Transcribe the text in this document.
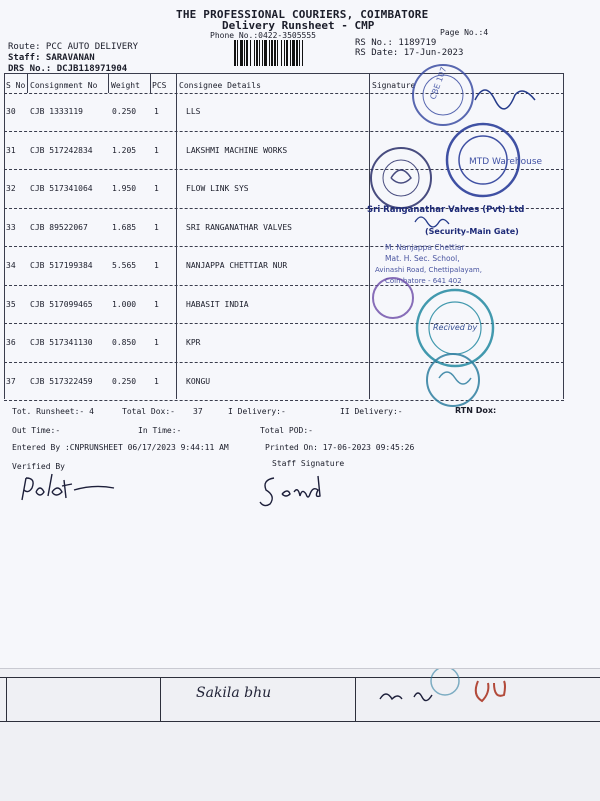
THE PROFESSIONAL COURIERS, COIMBATORE
Delivery Runsheet - CMP
Phone No.:0422-3505555	Page No.:4
Route: PCC AUTO DELIVERY
Staff: SARAVANAN
DRS No.: DCJB118971904
RS No.: 1189719
RS Date: 17-Jun-2023
S No Consignment No Weight PCS Consignee Details	Signature
30 CJB 1333119	0.250 1	LLS
31 CJB 517242834 1.205 1	LAKSHMI MACHINE WORKS
32 CJB 517341064 1.950 1	FLOW LINK SYS
33 CJB 89522067	1.685 1	SRI RANGANATHAR VALVES
34 CJB 517199384 5.565 1	NANJAPPA CHETTIAR NUR
35 CJB 517099465 1.000 1	HABASIT INDIA
36 CJB 517341130 0.850 1	KPR
37 CJB 517322459 0.250 1	KONGU
CBE 107
MTD Warehouse
Sri Ranganathar Valves (Pvt) Ltd
(Security-Main Gate)
M. Nanjappa Chettiar
Mat. H. Sec. School,
Avinashi Road, Chettipalayam,
Coimbatore - 641 402
Recived by
RTN Dox:
Tot. Runsheet:- 4	Total Dox:- 37	I Delivery:-	II Delivery:-
Out Time:-	In Time:-	Total POD:-
Entered By :CNPRUNSHEET 06/17/2023 9:44:11 AM	Printed On: 17-06-2023 09:45:26
Verified By	Staff Signature
Sakila bhu
